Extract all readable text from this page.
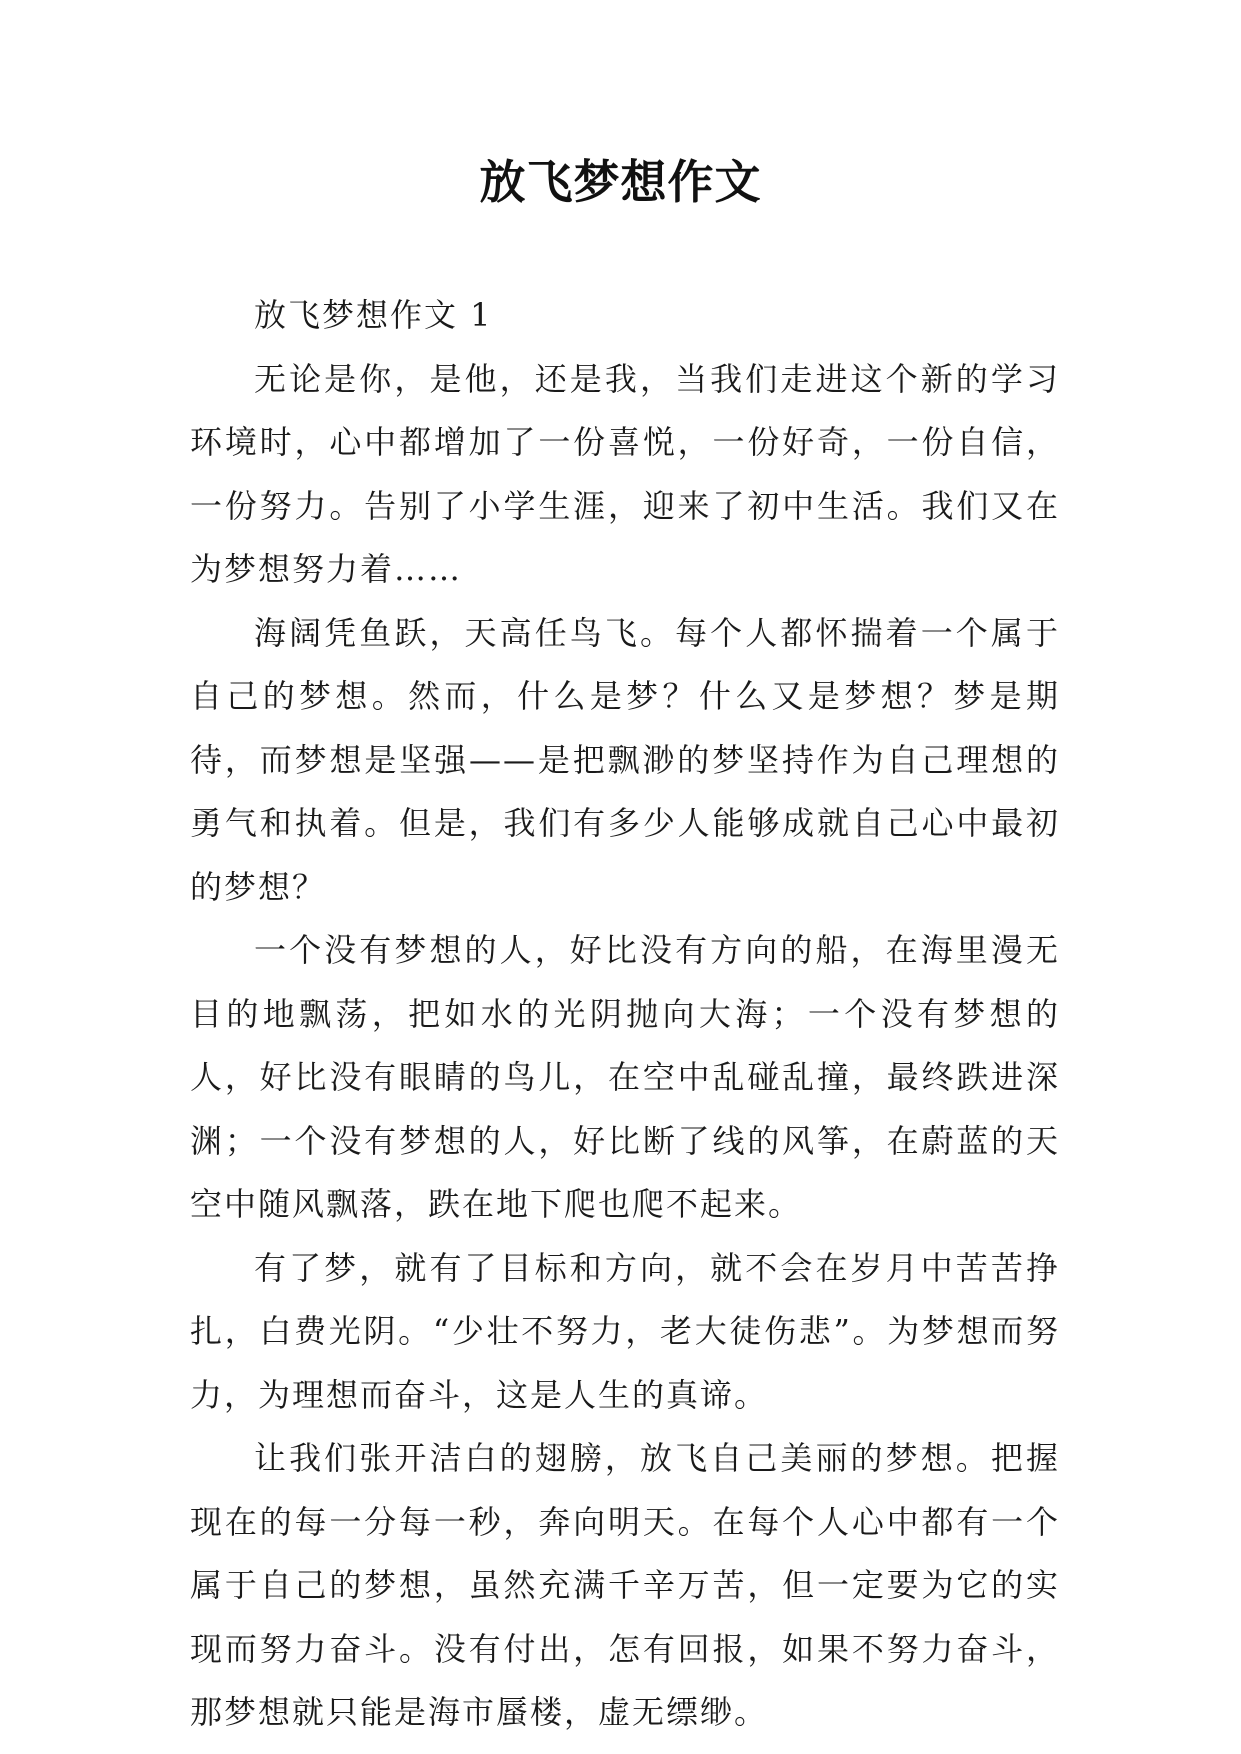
放飞梦想作文

放飞梦想作文 1

无论是你，是他，还是我，当我们走进这个新的学习环境时，心中都增加了一份喜悦，一份好奇，一份自信，一份努力。告别了小学生涯，迎来了初中生活。我们又在为梦想努力着……

海阔凭鱼跃，天高任鸟飞。每个人都怀揣着一个属于自己的梦想。然而，什么是梦？什么又是梦想？梦是期待，而梦想是坚强——是把飘渺的梦坚持作为自己理想的勇气和执着。但是，我们有多少人能够成就自己心中最初的梦想？

一个没有梦想的人，好比没有方向的船，在海里漫无目的地飘荡，把如水的光阴抛向大海；一个没有梦想的人，好比没有眼睛的鸟儿，在空中乱碰乱撞，最终跌进深渊；一个没有梦想的人，好比断了线的风筝，在蔚蓝的天空中随风飘落，跌在地下爬也爬不起来。

有了梦，就有了目标和方向，就不会在岁月中苦苦挣扎，白费光阴。“少壮不努力，老大徒伤悲”。为梦想而努力，为理想而奋斗，这是人生的真谛。

让我们张开洁白的翅膀，放飞自己美丽的梦想。把握现在的每一分每一秒，奔向明天。在每个人心中都有一个属于自己的梦想，虽然充满千辛万苦，但一定要为它的实现而努力奋斗。没有付出，怎有回报，如果不努力奋斗，那梦想就只能是海市蜃楼，虚无缥缈。
